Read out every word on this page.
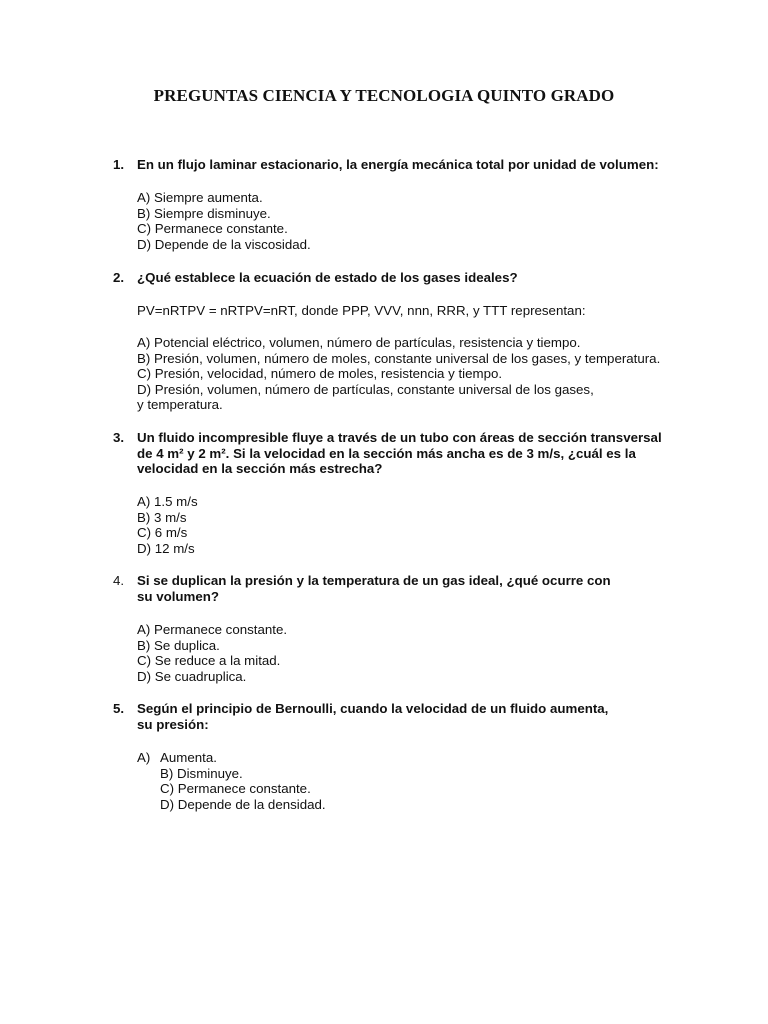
PREGUNTAS CIENCIA Y TECNOLOGIA QUINTO GRADO
1. En un flujo laminar estacionario, la energía mecánica total por unidad de volumen:
A) Siempre aumenta.
B) Siempre disminuye.
C) Permanece constante.
D) Depende de la viscosidad.
2. ¿Qué establece la ecuación de estado de los gases ideales?
PV=nRTPV = nRTPV=nRT, donde PPP, VVV, nnn, RRR, y TTT representan:
A) Potencial eléctrico, volumen, número de partículas, resistencia y tiempo.
B) Presión, volumen, número de moles, constante universal de los gases, y temperatura.
C) Presión, velocidad, número de moles, resistencia y tiempo.
D) Presión, volumen, número de partículas, constante universal de los gases, y temperatura.
3. Un fluido incompresible fluye a través de un tubo con áreas de sección transversal de 4 m² y 2 m². Si la velocidad en la sección más ancha es de 3 m/s, ¿cuál es la velocidad en la sección más estrecha?
A) 1.5 m/s
B) 3 m/s
C) 6 m/s
D) 12 m/s
4. Si se duplican la presión y la temperatura de un gas ideal, ¿qué ocurre con su volumen?
A) Permanece constante.
B) Se duplica.
C) Se reduce a la mitad.
D) Se cuadruplica.
5. Según el principio de Bernoulli, cuando la velocidad de un fluido aumenta, su presión:
A) Aumenta.
B) Disminuye.
C) Permanece constante.
D) Depende de la densidad.
